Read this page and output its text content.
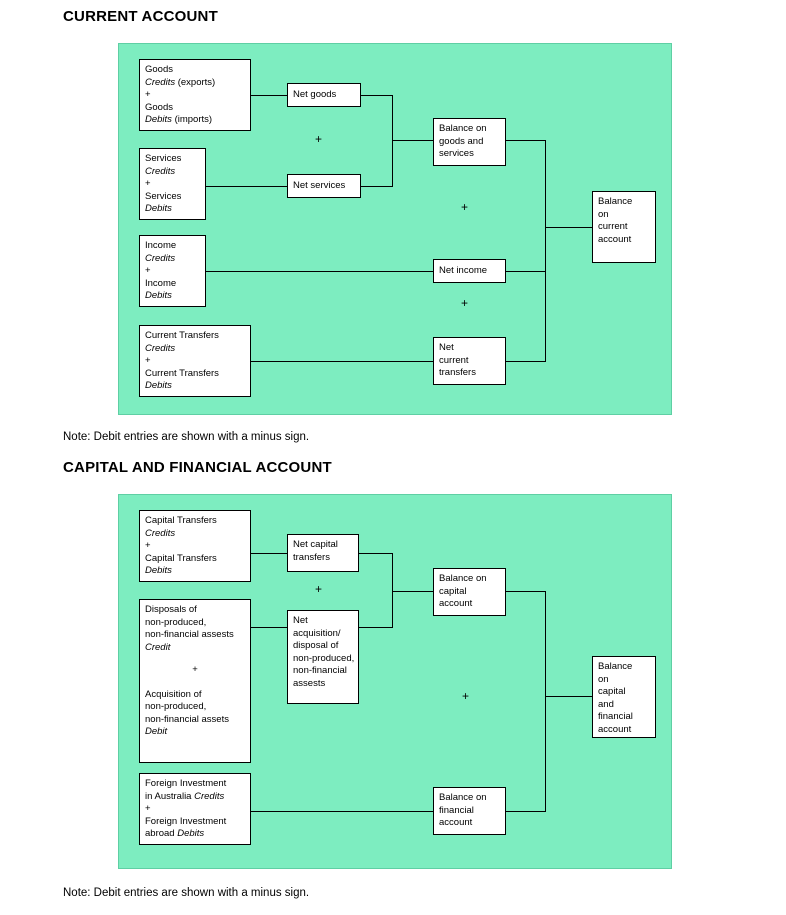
CURRENT ACCOUNT
Goods
Credits (exports)
+
Goods
Debits (imports)
Services
Credits
+
Services
Debits
Income
Credits
+
Income
Debits
Current Transfers
Credits
+
Current Transfers
Debits
Net goods
Net services
Net income
Net
current
transfers
Balance on
goods and
services
Balance
on
current
account
+
+
+
Note: Debit entries are shown with a minus sign.
CAPITAL AND FINANCIAL ACCOUNT
Capital Transfers
Credits
+
Capital Transfers
Debits
Disposals of
non-produced,
non-financial assests
Credit
+
Acquisition of
non-produced,
non-financial assets
Debit
Foreign Investment
in Australia Credits
+
Foreign Investment
abroad Debits
Net capital
transfers
Net
acquisition/
disposal of
non-produced,
non-financial
assests
Balance on
capital
account
Balance on
financial
account
Balance
on
capital
and
financial
account
+
+
Note: Debit entries are shown with a minus sign.
